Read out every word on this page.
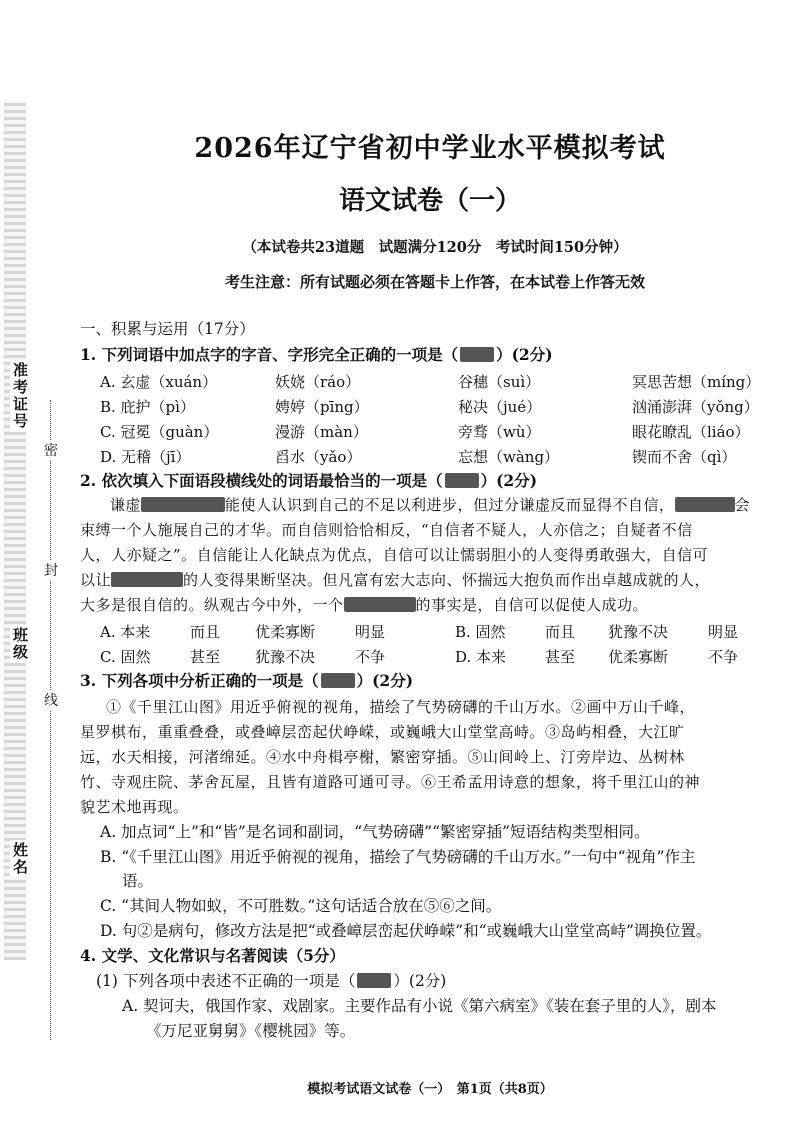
准考证号
班级
姓名
密
封
线
2026年辽宁省初中学业水平模拟考试
语文试卷（一）
（本试卷共23道题　试题满分120分　考试时间150分钟）
考生注意：所有试题必须在答题卡上作答，在本试卷上作答无效
一、积累与运用（17分）
1. 下列词语中加点字的字音、字形完全正确的一项是（ ）(2分)
A. 玄虚（xuán）	妖娆（ráo）	谷穗（suì）	冥思苦想（míng）
B. 庇护（pì）	娉婷（pīng）	秘决（jué）	汹涌澎湃（yǒng）
C. 冠冕（guàn）	漫游（màn）	旁骛（wù）	眼花瞭乱（liáo）
D. 无稽（jī）	舀水（yǎo）	忘想（wàng）	锲而不舍（qì）
2. 依次填入下面语段横线处的词语最恰当的一项是（ ）(2分)
谦虚	能使人认识到自己的不足以利进步，但过分谦虚反而显得不自信，	会
束缚一个人施展自己的才华。而自信则恰恰相反，“自信者不疑人，人亦信之；自疑者不信
人，人亦疑之”。自信能让人化缺点为优点，自信可以让懦弱胆小的人变得勇敢强大，自信可
以让	的人变得果断坚决。但凡富有宏大志向、怀揣远大抱负而作出卓越成就的人，
大多是很自信的。纵观古今中外，一个	的事实是，自信可以促使人成功。
A. 本来	而且 优柔寡断	明显	B. 固然	而且 犹豫不决	明显
C. 固然	甚至 犹豫不决	不争	D. 本来	甚至 优柔寡断	不争
3. 下列各项中分析正确的一项是（ ）(2分)
①《千里江山图》用近乎俯视的视角，描绘了气势磅礴的千山万水。②画中万山千峰，
星罗棋布，重重叠叠，或叠嶂层峦起伏峥嵘，或巍峨大山堂堂高峙。③岛屿相叠，大江旷
远，水天相接，河渚绵延。④水中舟楫亭榭，繁密穿插。⑤山间岭上、汀旁岸边、丛树林
竹、寺观庄院、茅舍瓦屋，且皆有道路可通可寻。⑥王希孟用诗意的想象，将千里江山的神
貌艺术地再现。
A. 加点词“上”和“皆”是名词和副词，“气势磅礴”“繁密穿插”短语结构类型相同。
B. “《千里江山图》用近乎俯视的视角，描绘了气势磅礴的千山万水。”一句中“视角”作主
语。
C. “其间人物如蚁，不可胜数。”这句话适合放在⑤⑥之间。
D. 句②是病句，修改方法是把“或叠嶂层峦起伏峥嵘”和“或巍峨大山堂堂高峙”调换位置。
4. 文学、文化常识与名著阅读（5分）
(1) 下列各项中表述不正确的一项是（ ）(2分)
A. 契诃夫，俄国作家、戏剧家。主要作品有小说《第六病室》《装在套子里的人》，剧本
《万尼亚舅舅》《樱桃园》等。
模拟考试语文试卷（一）　第1页（共8页）
